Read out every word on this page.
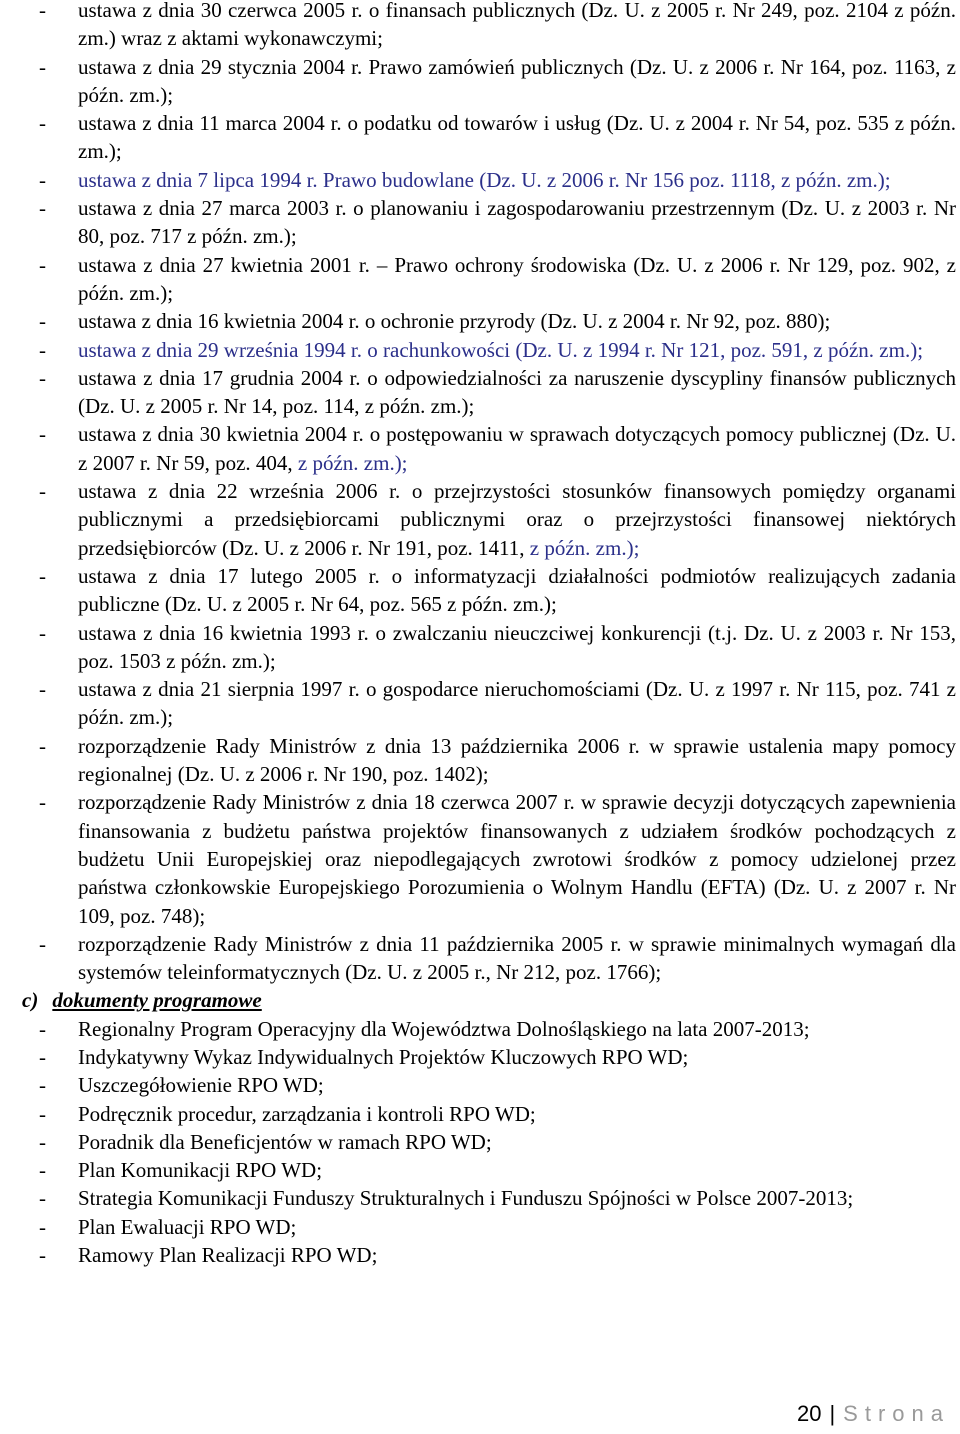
- ustawa z dnia 30 czerwca 2005 r. o finansach publicznych (Dz. U. z 2005 r. Nr 249, poz. 2104 z późn. zm.) wraz z aktami wykonawczymi;
- ustawa z dnia 29 stycznia 2004 r. Prawo zamówień publicznych (Dz. U. z 2006 r. Nr 164, poz. 1163, z późn. zm.);
- ustawa z dnia 11 marca 2004 r. o podatku od towarów i usług (Dz. U. z 2004 r. Nr 54, poz. 535 z późn. zm.);
- ustawa z dnia 7 lipca 1994 r. Prawo budowlane (Dz. U. z 2006 r. Nr 156 poz. 1118, z późn. zm.);
- ustawa z dnia 27 marca 2003 r. o planowaniu i zagospodarowaniu przestrzennym (Dz. U. z 2003 r. Nr 80, poz. 717 z późn. zm.);
- ustawa z dnia 27 kwietnia 2001 r. – Prawo ochrony środowiska (Dz. U. z 2006 r. Nr 129, poz. 902, z późn. zm.);
- ustawa z dnia 16 kwietnia 2004 r. o ochronie przyrody (Dz. U. z 2004 r. Nr 92, poz. 880);
- ustawa z dnia 29 września 1994 r. o rachunkowości (Dz. U. z 1994 r. Nr 121, poz. 591, z późn. zm.);
- ustawa z dnia 17 grudnia 2004 r. o odpowiedzialności za naruszenie dyscypliny finansów publicznych (Dz. U. z 2005 r. Nr 14, poz. 114, z późn. zm.);
- ustawa z dnia 30 kwietnia 2004 r. o postępowaniu w sprawach dotyczących pomocy publicznej (Dz. U. z 2007 r. Nr 59, poz. 404, z późn. zm.);
- ustawa z dnia 22 września 2006 r. o przejrzystości stosunków finansowych pomiędzy organami publicznymi a przedsiębiorcami publicznymi oraz o przejrzystości finansowej niektórych przedsiębiorców (Dz. U. z 2006 r. Nr 191, poz. 1411, z późn. zm.);
- ustawa z dnia 17 lutego 2005 r. o informatyzacji działalności podmiotów realizujących zadania publiczne (Dz. U. z 2005 r. Nr 64, poz. 565 z późn. zm.);
- ustawa z dnia 16 kwietnia 1993 r. o zwalczaniu nieuczciwej konkurencji (t.j. Dz. U. z 2003 r. Nr 153, poz. 1503 z późn. zm.);
- ustawa z dnia 21 sierpnia 1997 r. o gospodarce nieruchomościami (Dz. U. z 1997 r. Nr 115, poz. 741 z późn. zm.);
- rozporządzenie Rady Ministrów z dnia 13 października 2006 r. w sprawie ustalenia mapy pomocy regionalnej (Dz. U. z 2006 r. Nr 190, poz. 1402);
- rozporządzenie Rady Ministrów z dnia 18 czerwca 2007 r. w sprawie decyzji dotyczących zapewnienia finansowania z budżetu państwa projektów finansowanych z udziałem środków pochodzących z budżetu Unii Europejskiej oraz niepodlegających zwrotowi środków z pomocy udzielonej przez państwa członkowskie Europejskiego Porozumienia o Wolnym Handlu (EFTA) (Dz. U. z 2007 r. Nr 109, poz. 748);
- rozporządzenie Rady Ministrów z dnia 11 października 2005 r. w sprawie minimalnych wymagań dla systemów teleinformatycznych (Dz. U. z 2005 r., Nr 212, poz. 1766);

c) dokumenty programowe

- Regionalny Program Operacyjny dla Województwa Dolnośląskiego na lata 2007-2013;
- Indykatywny Wykaz Indywidualnych Projektów Kluczowych RPO WD;
- Uszczegółowienie RPO WD;
- Podręcznik procedur, zarządzania i kontroli RPO WD;
- Poradnik dla Beneficjentów w ramach RPO WD;
- Plan Komunikacji RPO WD;
- Strategia Komunikacji Funduszy Strukturalnych i Funduszu Spójności w Polsce 2007-2013;
- Plan Ewaluacji RPO WD;
- Ramowy Plan Realizacji RPO WD;
20 | Strona
